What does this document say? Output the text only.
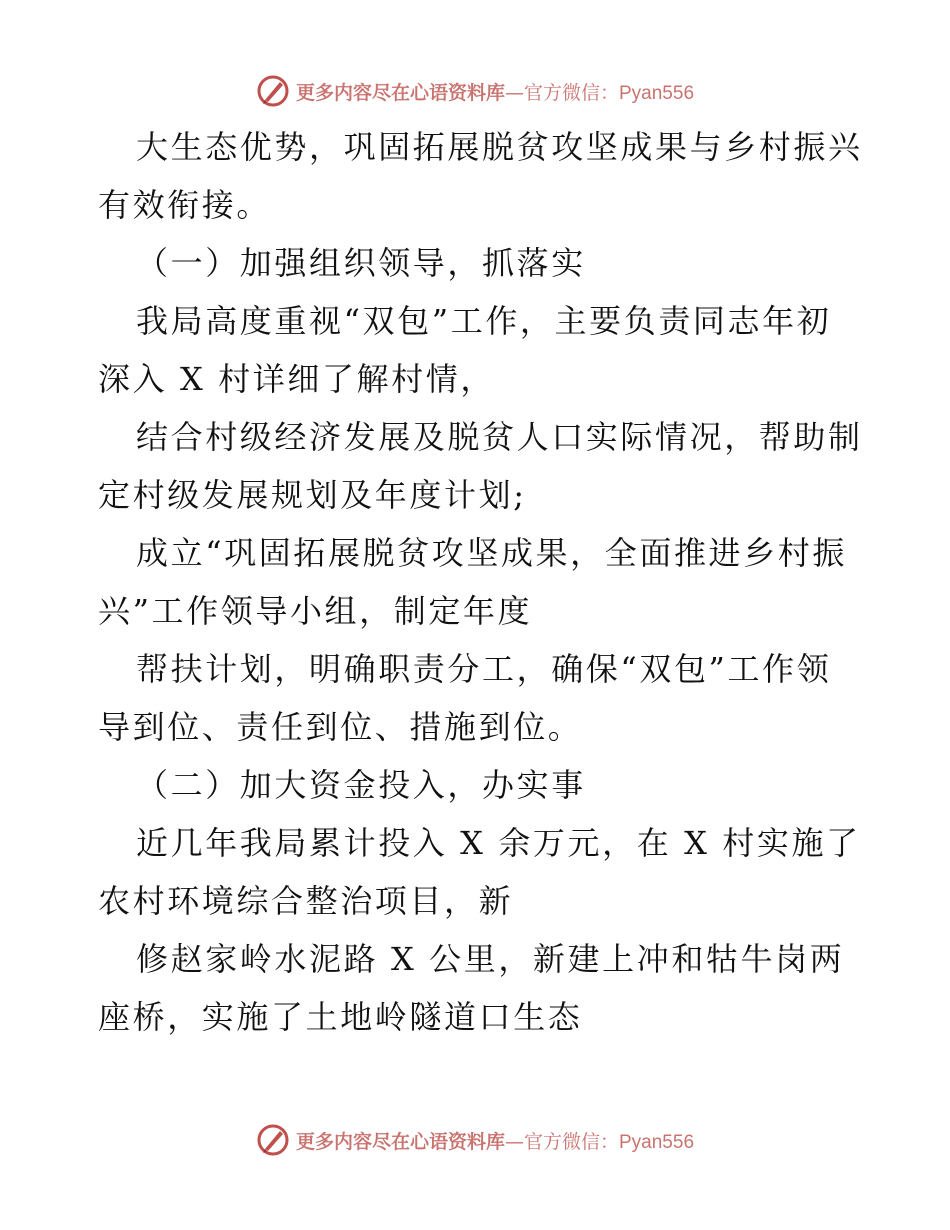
更多内容尽在心语资料库—官方微信：Pyan556
大生态优势，巩固拓展脱贫攻坚成果与乡村振兴
有效衔接。
（一）加强组织领导，抓落实
我局高度重视“双包”工作，主要负责同志年初
深入 X 村详细了解村情，
结合村级经济发展及脱贫人口实际情况，帮助制
定村级发展规划及年度计划;
成立“巩固拓展脱贫攻坚成果，全面推进乡村振
兴”工作领导小组，制定年度
帮扶计划，明确职责分工，确保“双包”工作领
导到位、责任到位、措施到位。
（二）加大资金投入，办实事
近几年我局累计投入 X 余万元，在 X 村实施了
农村环境综合整治项目，新
修赵家岭水泥路 X 公里，新建上冲和牯牛岗两
座桥，实施了土地岭隧道口生态
更多内容尽在心语资料库—官方微信：Pyan556
